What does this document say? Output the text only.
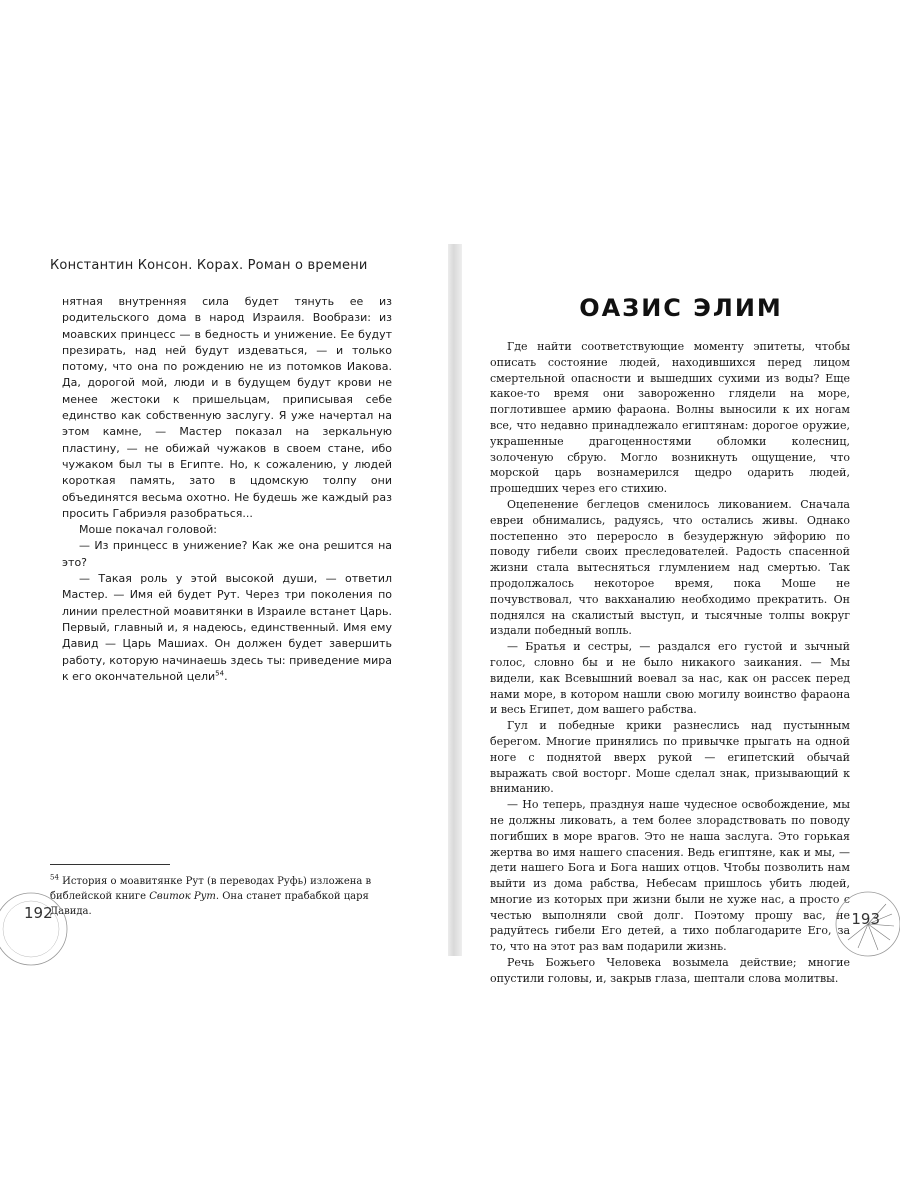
Константин Консон. Корах. Роман о времени

нятная внутренняя сила будет тянуть ее из родительского дома в народ Израиля. Вообрази: из моавских принцесс — в бедность и унижение. Ее будут презирать, над ней будут издеваться, — и только потому, что она по рождению не из потомков Иакова. Да, дорогой мой, люди и в будущем будут крови не менее жестоки к пришельцам, приписывая себе единство как собственную заслугу. Я уже начертал на этом камне, — Мастер показал на зеркальную пластину, — не обижай чужаков в своем стане, ибо чужаком был ты в Египте. Но, к сожалению, у людей короткая память, зато в цдомскую толпу они объединятся весьма охотно. Не будешь же каждый раз просить Габриэля разобраться...

Моше покачал головой:

— Из принцесс в унижение? Как же она решится на это?

— Такая роль у этой высокой души, — ответил Мастер. — Имя ей будет Рут. Через три поколения по линии прелестной моавитянки в Израиле встанет Царь. Первый, главный и, я надеюсь, единственный. Имя ему Давид — Царь Машиах. Он должен будет завершить работу, которую начинаешь здесь ты: приведение мира к его окончательной цели$^{54}$.

$^{54}$ История о моавитянке Рут (в переводах Руфь) изложена в библейской книге Свиток Рут. Она станет прабабкой царя Давида.

192
ОАЗИС ЭЛИМ

Где найти соответствующие моменту эпитеты, чтобы описать состояние людей, находившихся перед лицом смертельной опасности и вышедших сухими из воды? Еще какое-то время они завороженно глядели на море, поглотившее армию фараона. Волны выносили к их ногам все, что недавно принадлежало египтянам: дорогое оружие, украшенные драгоценностями обломки колесниц, золоченую сбрую. Могло возникнуть ощущение, что морской царь вознамерился щедро одарить людей, прошедших через его стихию.

Оцепенение беглецов сменилось ликованием. Сначала евреи обнимались, радуясь, что остались живы. Однако постепенно это переросло в безудержную эйфорию по поводу гибели своих преследователей. Радость спасенной жизни стала вытесняться глумлением над смертью. Так продолжалось некоторое время, пока Моше не почувствовал, что вакханалию необходимо прекратить. Он поднялся на скалистый выступ, и тысячные толпы вокруг издали победный вопль.

— Братья и сестры, — раздался его густой и зычный голос, словно бы и не было никакого заикания. — Мы видели, как Всевышний воевал за нас, как он рассек перед нами море, в котором нашли свою могилу воинство фараона и весь Египет, дом вашего рабства.

Гул и победные крики разнеслись над пустынным берегом. Многие принялись по привычке прыгать на одной ноге с поднятой вверх рукой — египетский обычай выражать свой восторг. Моше сделал знак, призывающий к вниманию.

— Но теперь, празднуя наше чудесное освобождение, мы не должны ликовать, а тем более злорадствовать по поводу погибших в море врагов. Это не наша заслуга. Это горькая жертва во имя нашего спасения. Ведь египтяне, как и мы, — дети нашего Бога и Бога наших отцов. Чтобы позволить нам выйти из дома рабства, Небесам пришлось убить людей, многие из которых при жизни были не хуже нас, а просто с честью выполняли свой долг. Поэтому прошу вас, не радуйтесь гибели Его детей, а тихо поблагодарите Его, за то, что на этот раз вам подарили жизнь.

Речь Божьего Человека возымела действие; многие опустили головы, и, закрыв глаза, шептали слова молитвы.

193
